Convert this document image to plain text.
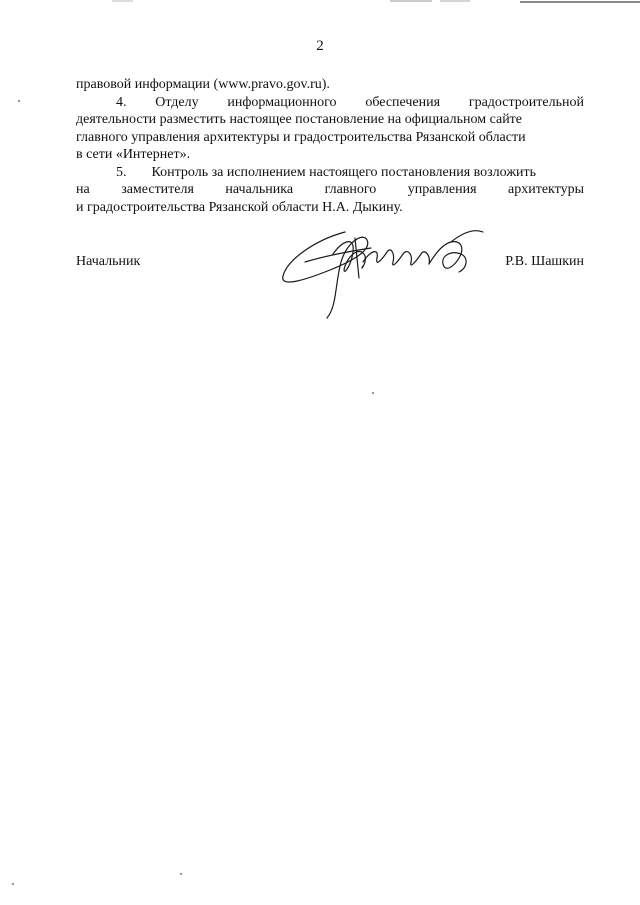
2
правовой информации (www.pravo.gov.ru).
4. Отделу информационного обеспечения градостроительной
деятельности разместить настоящее постановление на официальном сайте
главного управления архитектуры и градостроительства Рязанской области
в сети «Интернет».
5. Контроль за исполнением настоящего постановления возложить
на заместителя начальника главного управления архитектуры
и градостроительства Рязанской области Н.А. Дыкину.
Начальник	Р.В. Шашкин
